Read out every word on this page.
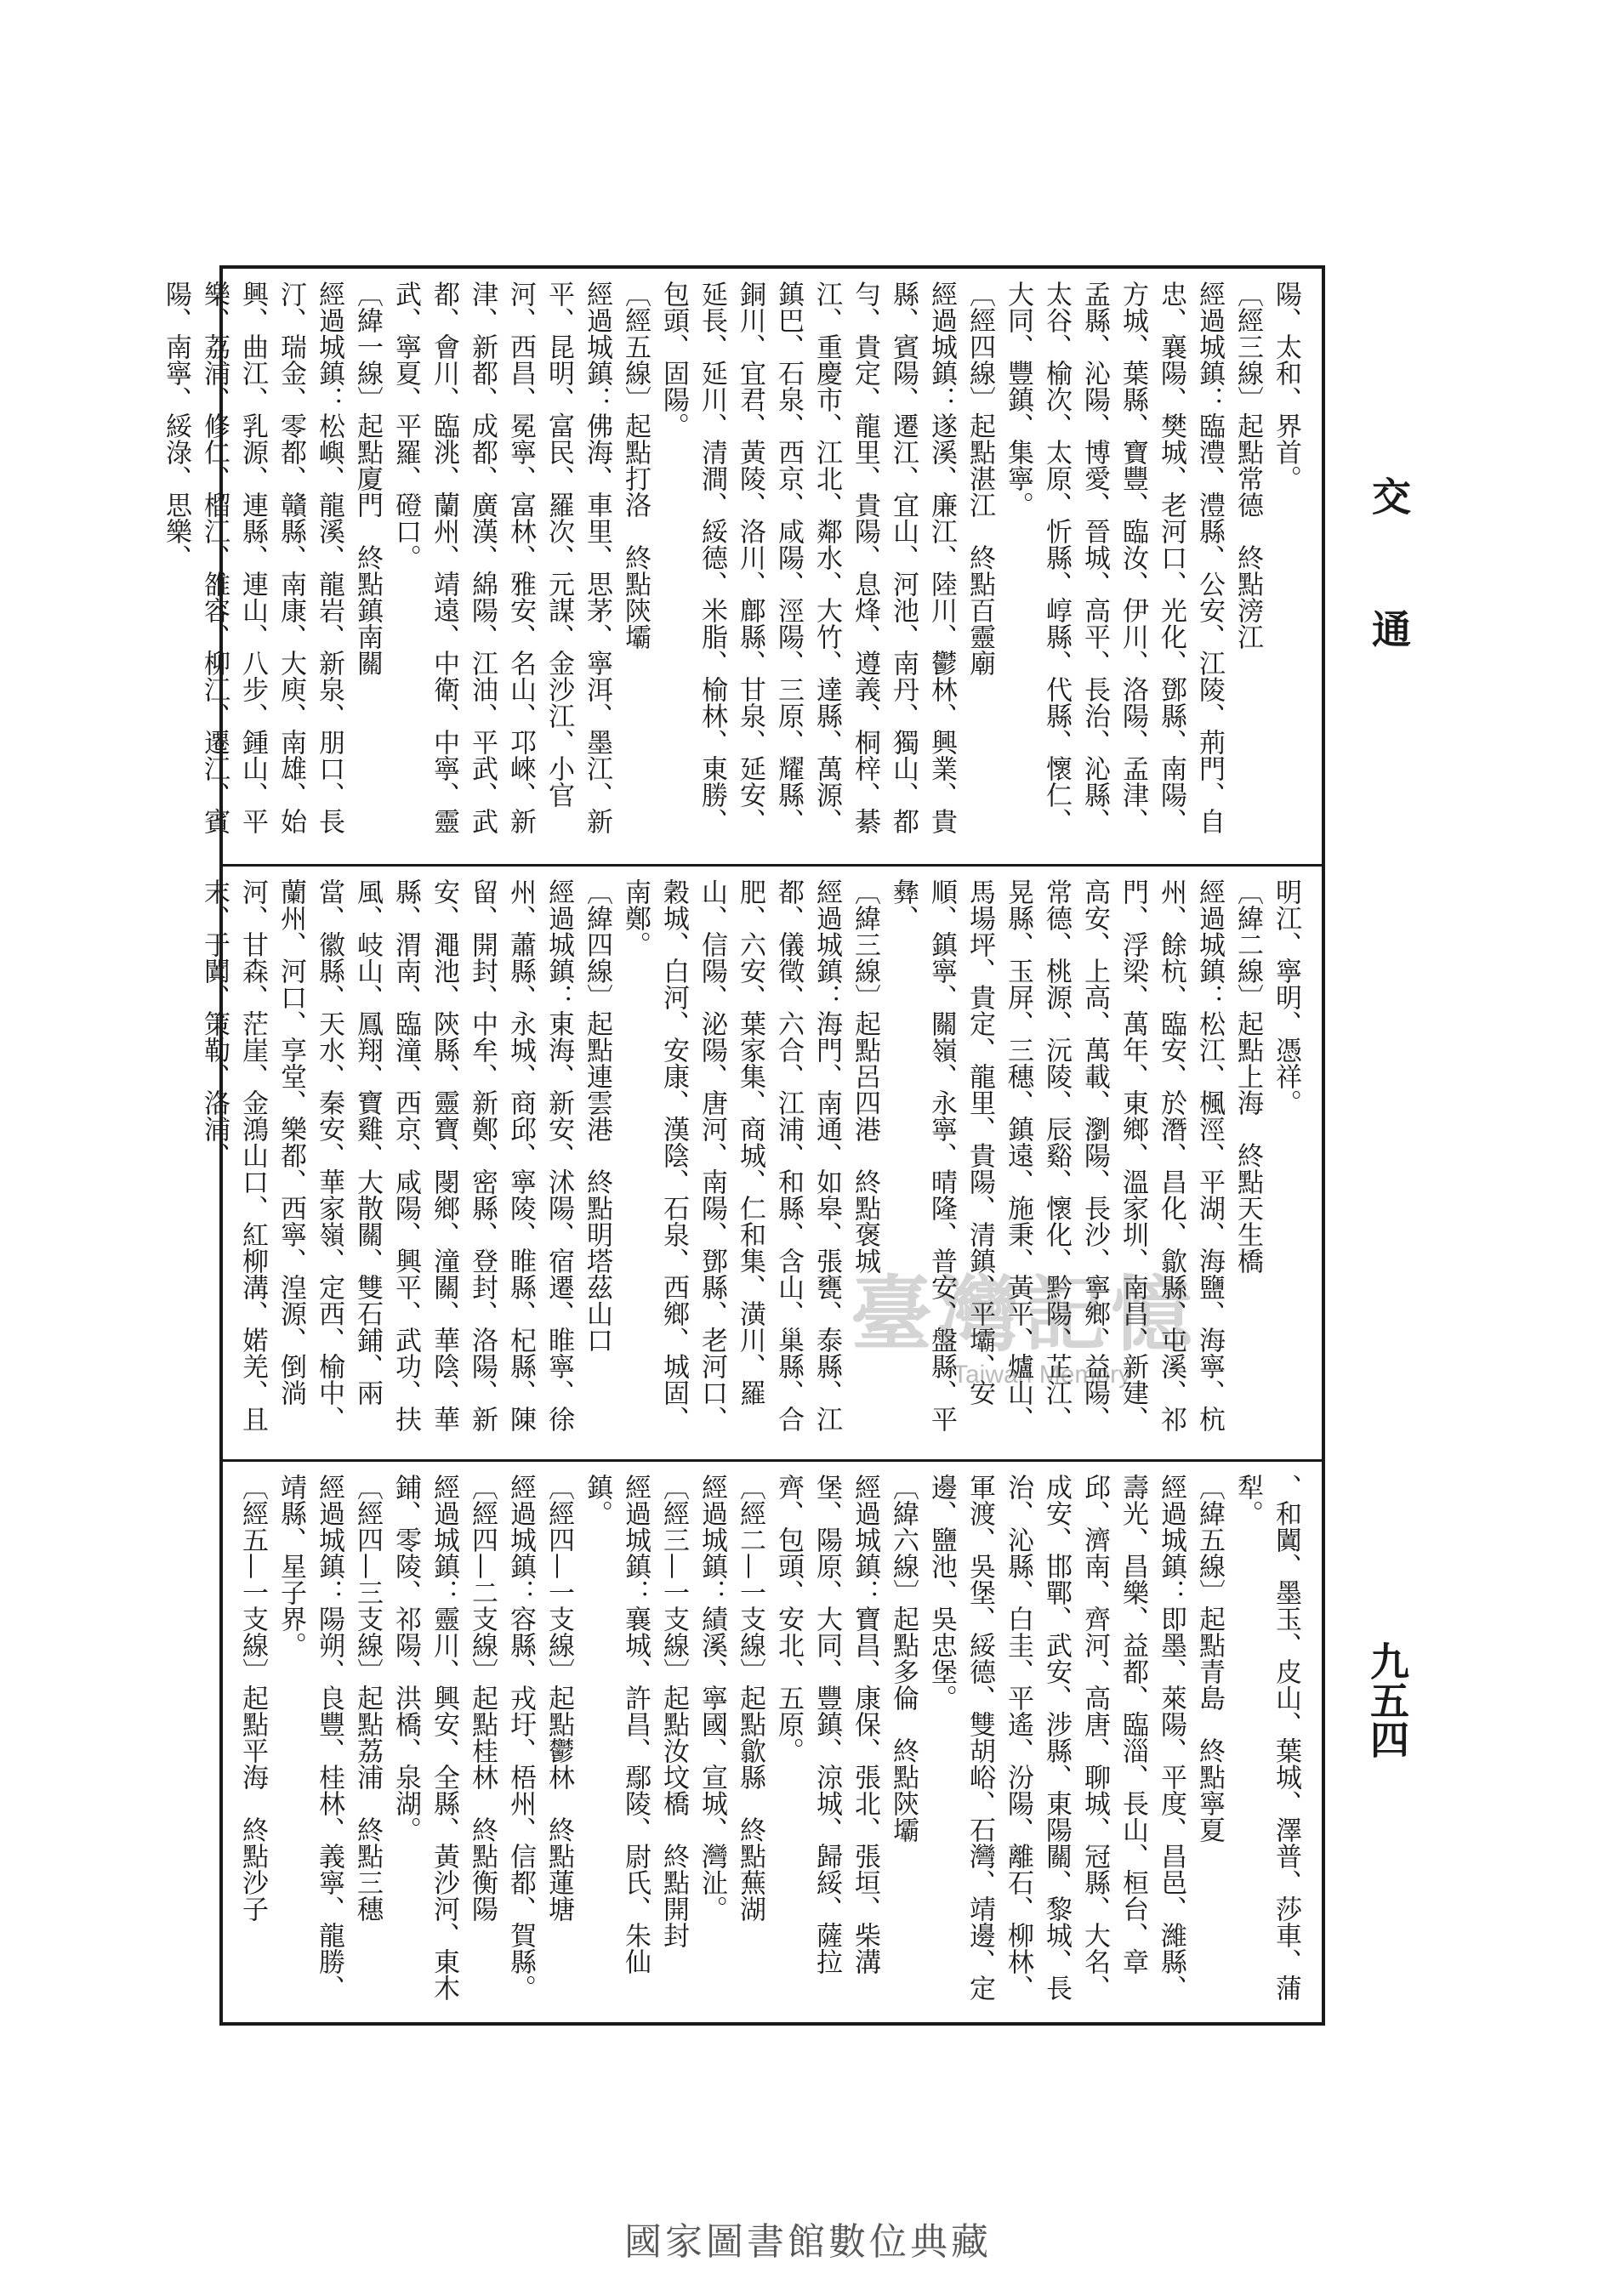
交通
九五四

陽、太和、界首。

〔經三線〕起點常德　終點滂江

經過城鎮：臨澧、澧縣、公安、江陵、荊門、自忠、襄陽、樊城、老河口、光化、鄧縣、南陽、方城、葉縣、寶豐、臨汝、伊川、洛陽、孟津、孟縣、沁陽、博愛、晉城、高平、長治、沁縣、太谷、榆次、太原、忻縣、崞縣、代縣、懷仁、大同、豐鎮、集寧。

〔經四線〕起點湛江　終點百靈廟

經過城鎮：遂溪、廉江、陸川、鬱林、興業、貴縣、賓陽、遷江、宜山、河池、南丹、獨山、都勻、貴定、龍里、貴陽、息烽、遵義、桐梓、綦江、重慶市、江北、鄰水、大竹、達縣、萬源、鎮巴、石泉、西京、咸陽、涇陽、三原、耀縣、銅川、宜君、黃陵、洛川、鄜縣、甘泉、延安、延長、延川、清澗、綏德、米脂、榆林、東勝、包頭、固陽。

〔經五線〕起點打洛　終點陝壩

經過城鎮：佛海、車里、思茅、寧洱、墨江、新平、昆明、富民、羅次、元謀、金沙江、小官河、西昌、冕寧、富林、雅安、名山、邛崍、新津、新都、成都、廣漢、綿陽、江油、平武、武都、會川、臨洮、蘭州、靖遠、中衛、中寧、靈武、寧夏、平羅、磴口。

〔緯一線〕起點廈門　終點鎮南關

經過城鎮：松嶼、龍溪、龍岩、新泉、朋口、長汀、瑞金、零都、贛縣、南康、大庾、南雄、始興、曲江、乳源、連縣、連山、八步、鍾山、平樂、荔浦、修仁、榴江、雒容、柳江、遷江、賓陽、南寧、綏淥、思樂、

明江、寧明、憑祥。

〔緯二線〕起點上海　終點天生橋

經過城鎮：松江、楓涇、平湖、海鹽、海寧、杭州、餘杭、臨安、於潛、昌化、歙縣、屯溪、祁門、浮梁、萬年、東鄉、溫家圳、南昌、新建、高安、上高、萬載、瀏陽、長沙、寧鄉、益陽、常德、桃源、沅陵、辰谿、懷化、黔陽、芷江、晃縣、玉屏、三穗、鎮遠、施秉、黃平、爐山、馬場坪、貴定、龍里、貴陽、清鎮、平壩、安順、鎮寧、關嶺、永寧、晴隆、普安、盤縣、平彝、

〔緯三線〕起點呂四港　終點褒城

經過城鎮：海門、南通、如皋、張甕、泰縣、江都、儀徵、六合、江浦、和縣、含山、巢縣、合肥、六安、葉家集、商城、仁和集、潢川、羅山、信陽、泌陽、唐河、南陽、鄧縣、老河口、穀城、白河、安康、漢陰、石泉、西鄉、城固、南鄭。

〔緯四線〕起點連雲港　終點明塔茲山口

經過城鎮：東海、新安、沭陽、宿遷、睢寧、徐州、蕭縣、永城、商邱、寧陵、睢縣、杞縣、陳留、開封、中牟、新鄭、密縣、登封、洛陽、新安、澠池、陝縣、靈寶、閿鄉、潼關、華陰、華縣、渭南、臨潼、西京、咸陽、興平、武功、扶風、岐山、鳳翔、寶雞、大散關、雙石鋪、兩當、徽縣、天水、秦安、華家嶺、定西、榆中、蘭州、河口、享堂、樂都、西寧、湟源、倒淌河、甘森、茫崖、金鴻山口、紅柳溝、婼羌、且末、于闐、策勒、洛浦、

、和闐、墨玉、皮山、葉城、澤普、莎車、蒲犁。

〔緯五線〕起點青島　終點寧夏

經過城鎮：即墨、萊陽、平度、昌邑、濰縣、壽光、昌樂、益都、臨淄、長山、桓台、章邱、濟南、齊河、高唐、聊城、冠縣、大名、成安、邯鄲、武安、涉縣、東陽關、黎城、長治、沁縣、白圭、平遙、汾陽、離石、柳林、軍渡、吳堡、綏德、雙胡峪、石灣、靖邊、定邊、鹽池、吳忠堡。

〔緯六線〕起點多倫　終點陝壩

經過城鎮：寶昌、康保、張北、張垣、柴溝堡、陽原、大同、豐鎮、涼城、歸綏、薩拉齊、包頭、安北、五原。

〔經二—一支線〕起點歙縣　終點蕪湖

經過城鎮：績溪、寧國、宣城、灣沚。

〔經三—一支線〕起點汝坟橋　終點開封

經過城鎮：襄城、許昌、鄢陵、尉氏、朱仙鎮。

〔經四—一支線〕起點鬱林　終點蓮塘

經過城鎮：容縣、戎圩、梧州、信都、賀縣。

〔經四—二支線〕起點桂林　終點衡陽

經過城鎮：靈川、興安、全縣、黃沙河、東木鋪、零陵、祁陽、洪橋、泉湖。

〔經四—三支線〕起點荔浦　終點三穗

經過城鎮：陽朔、良豐、桂林、義寧、龍勝、靖縣、星子界。

〔經五—一支線〕起點平海　終點沙子

臺灣記憶
Taiwan Memory
國家圖書館數位典藏
